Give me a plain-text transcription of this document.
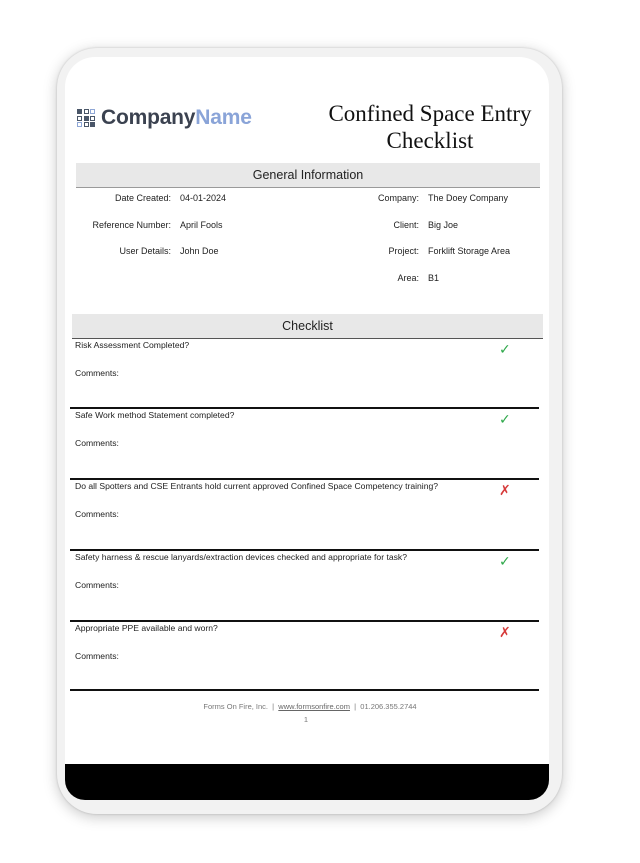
CompanyName	Confined Space Entry
Checklist
General Information
Date Created: 04-01-2024
Reference Number: April Fools
User Details: John Doe
Company: The Doey Company
Client: Big Joe
Project: Forklift Storage Area
Area: B1
Checklist
Risk Assessment Completed?	✓
Comments:
Safe Work method Statement completed?	✓
Comments:
Do all Spotters and CSE Entrants hold current approved Confined Space Competency training?	✗
Comments:
Safety harness & rescue lanyards/extraction devices checked and appropriate for task?	✓
Comments:
Appropriate PPE available and worn?	✗
Comments:
Forms On Fire, Inc. | www.formsonfire.com | 01.206.355.2744
1
